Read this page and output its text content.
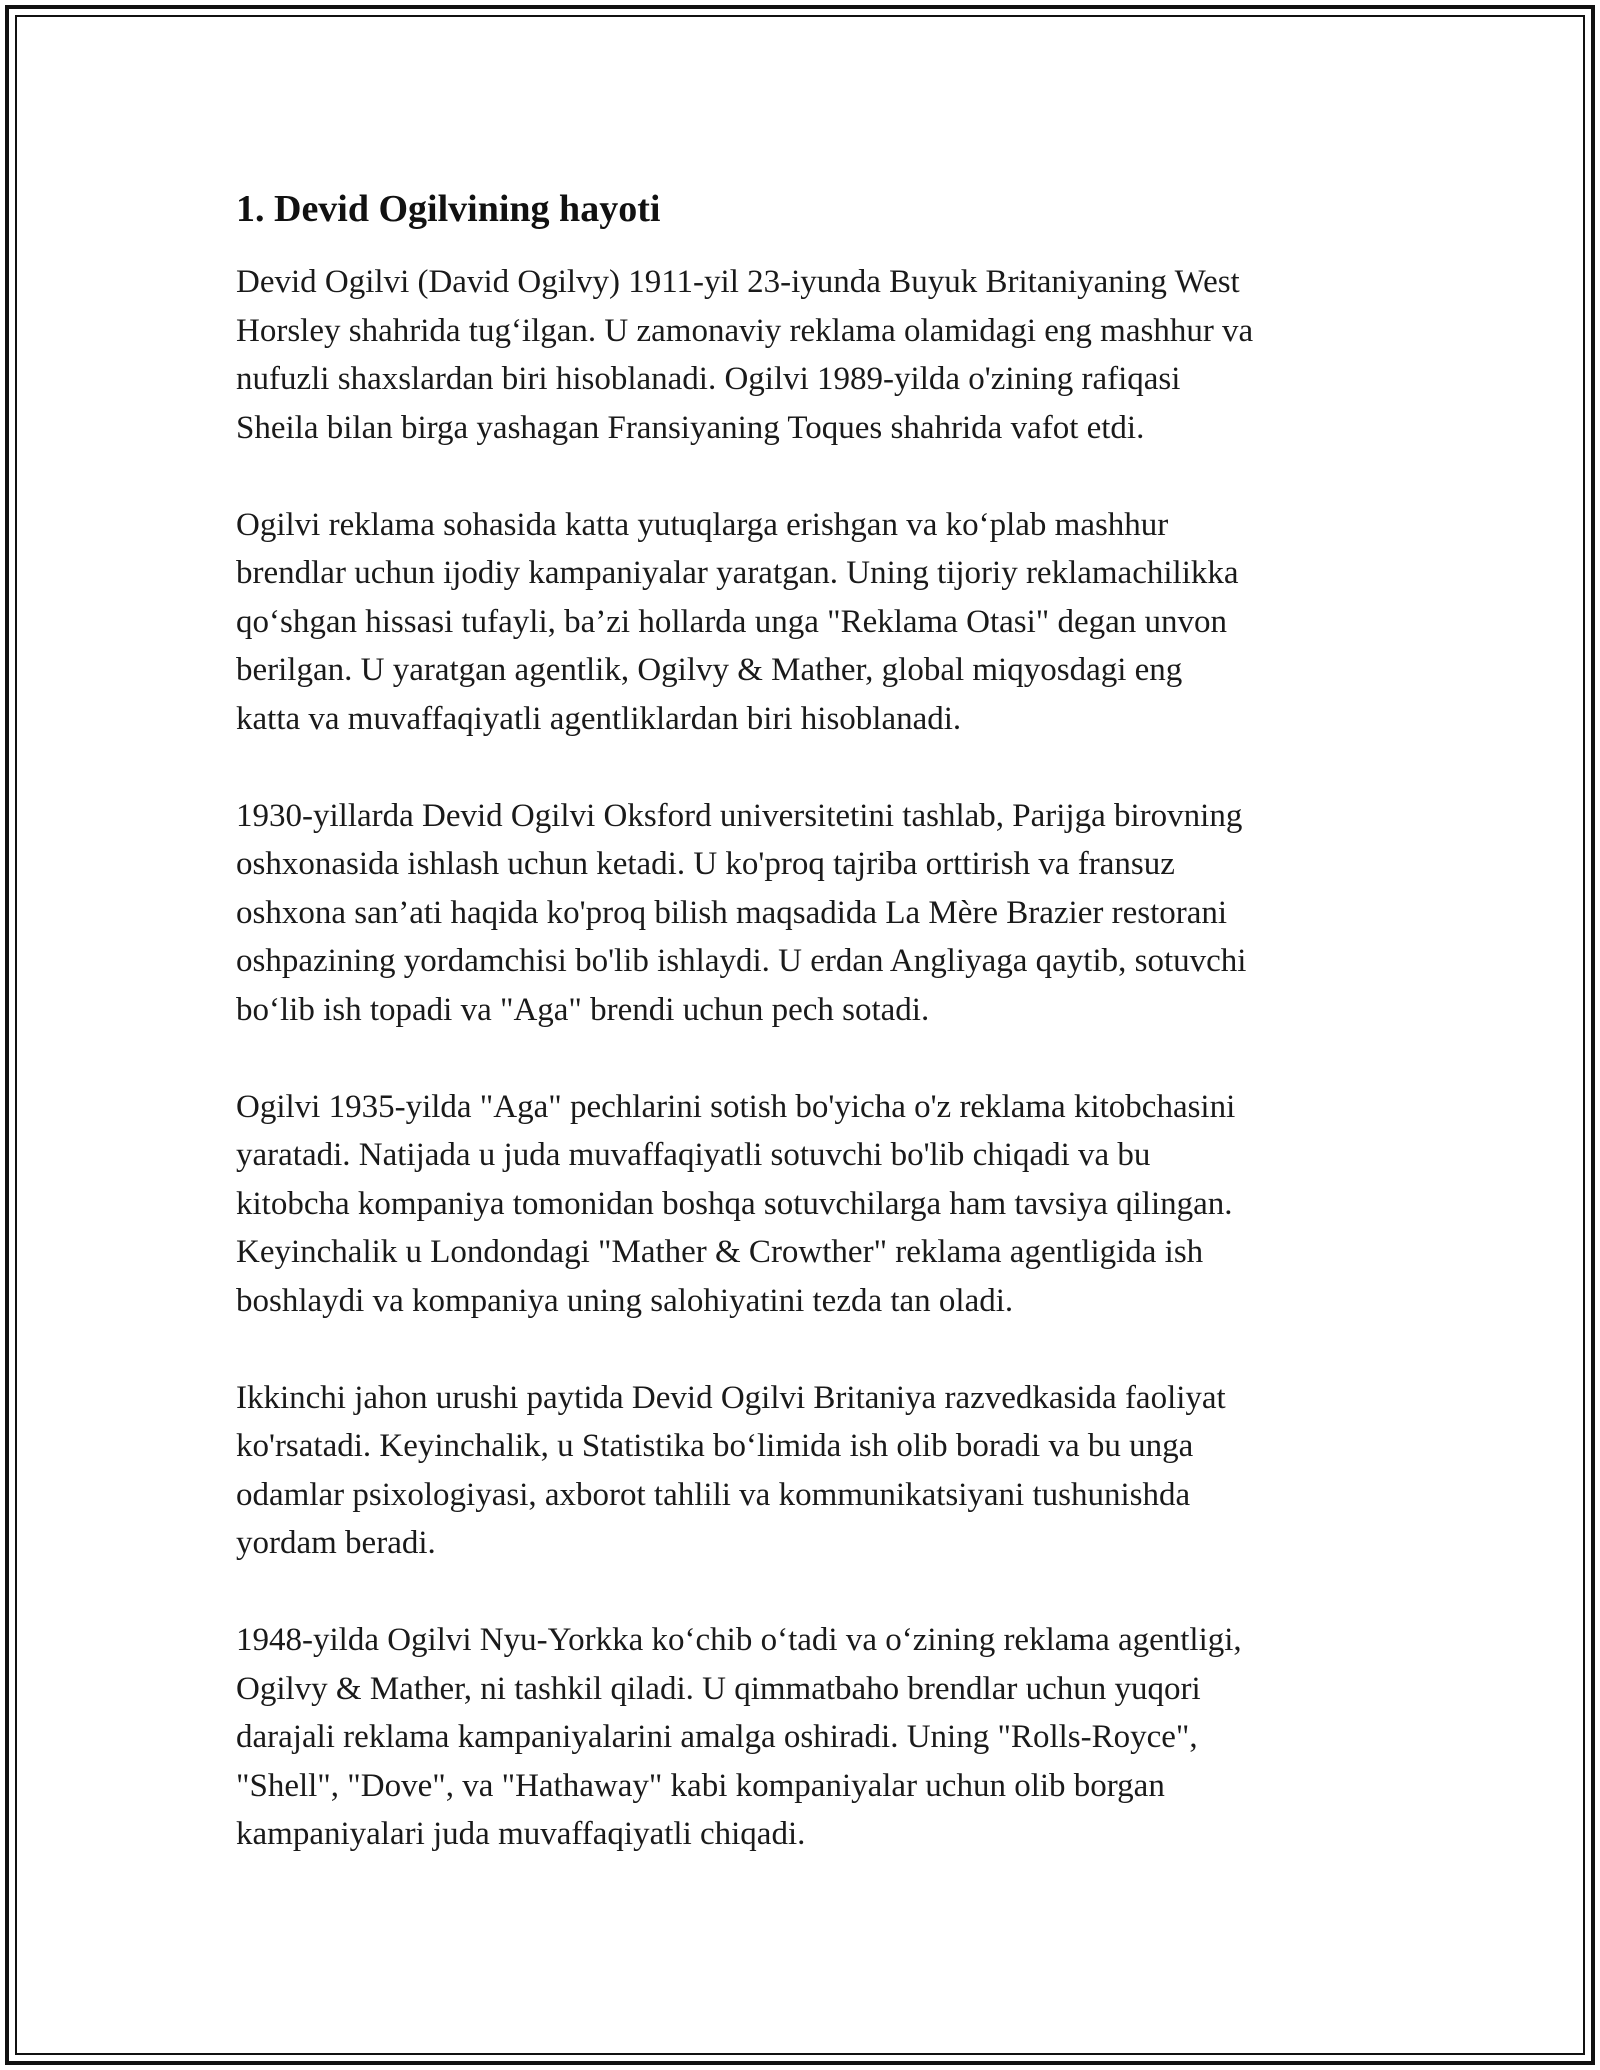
1. Devid Ogilvining hayoti
Devid Ogilvi (David Ogilvy) 1911-yil 23-iyunda Buyuk Britaniyaning West
Horsley shahrida tug‘ilgan. U zamonaviy reklama olamidagi eng mashhur va
nufuzli shaxslardan biri hisoblanadi. Ogilvi 1989-yilda o'zining rafiqasi
Sheila bilan birga yashagan Fransiyaning Toques shahrida vafot etdi.
Ogilvi reklama sohasida katta yutuqlarga erishgan va ko‘plab mashhur
brendlar uchun ijodiy kampaniyalar yaratgan. Uning tijoriy reklamachilikka
qo‘shgan hissasi tufayli, ba’zi hollarda unga "Reklama Otasi" degan unvon
berilgan. U yaratgan agentlik, Ogilvy & Mather, global miqyosdagi eng
katta va muvaffaqiyatli agentliklardan biri hisoblanadi.
1930-yillarda Devid Ogilvi Oksford universitetini tashlab, Parijga birovning
oshxonasida ishlash uchun ketadi. U ko'proq tajriba orttirish va fransuz
oshxona san’ati haqida ko'proq bilish maqsadida La Mère Brazier restorani
oshpazining yordamchisi bo'lib ishlaydi. U erdan Angliyaga qaytib, sotuvchi
bo‘lib ish topadi va "Aga" brendi uchun pech sotadi.
Ogilvi 1935-yilda "Aga" pechlarini sotish bo'yicha o'z reklama kitobchasini
yaratadi. Natijada u juda muvaffaqiyatli sotuvchi bo'lib chiqadi va bu
kitobcha kompaniya tomonidan boshqa sotuvchilarga ham tavsiya qilingan.
Keyinchalik u Londondagi "Mather & Crowther" reklama agentligida ish
boshlaydi va kompaniya uning salohiyatini tezda tan oladi.
Ikkinchi jahon urushi paytida Devid Ogilvi Britaniya razvedkasida faoliyat
ko'rsatadi. Keyinchalik, u Statistika bo‘limida ish olib boradi va bu unga
odamlar psixologiyasi, axborot tahlili va kommunikatsiyani tushunishda
yordam beradi.
1948-yilda Ogilvi Nyu-Yorkka ko‘chib o‘tadi va o‘zining reklama agentligi,
Ogilvy & Mather, ni tashkil qiladi. U qimmatbaho brendlar uchun yuqori
darajali reklama kampaniyalarini amalga oshiradi. Uning "Rolls-Royce",
"Shell", "Dove", va "Hathaway" kabi kompaniyalar uchun olib borgan
kampaniyalari juda muvaffaqiyatli chiqadi.
